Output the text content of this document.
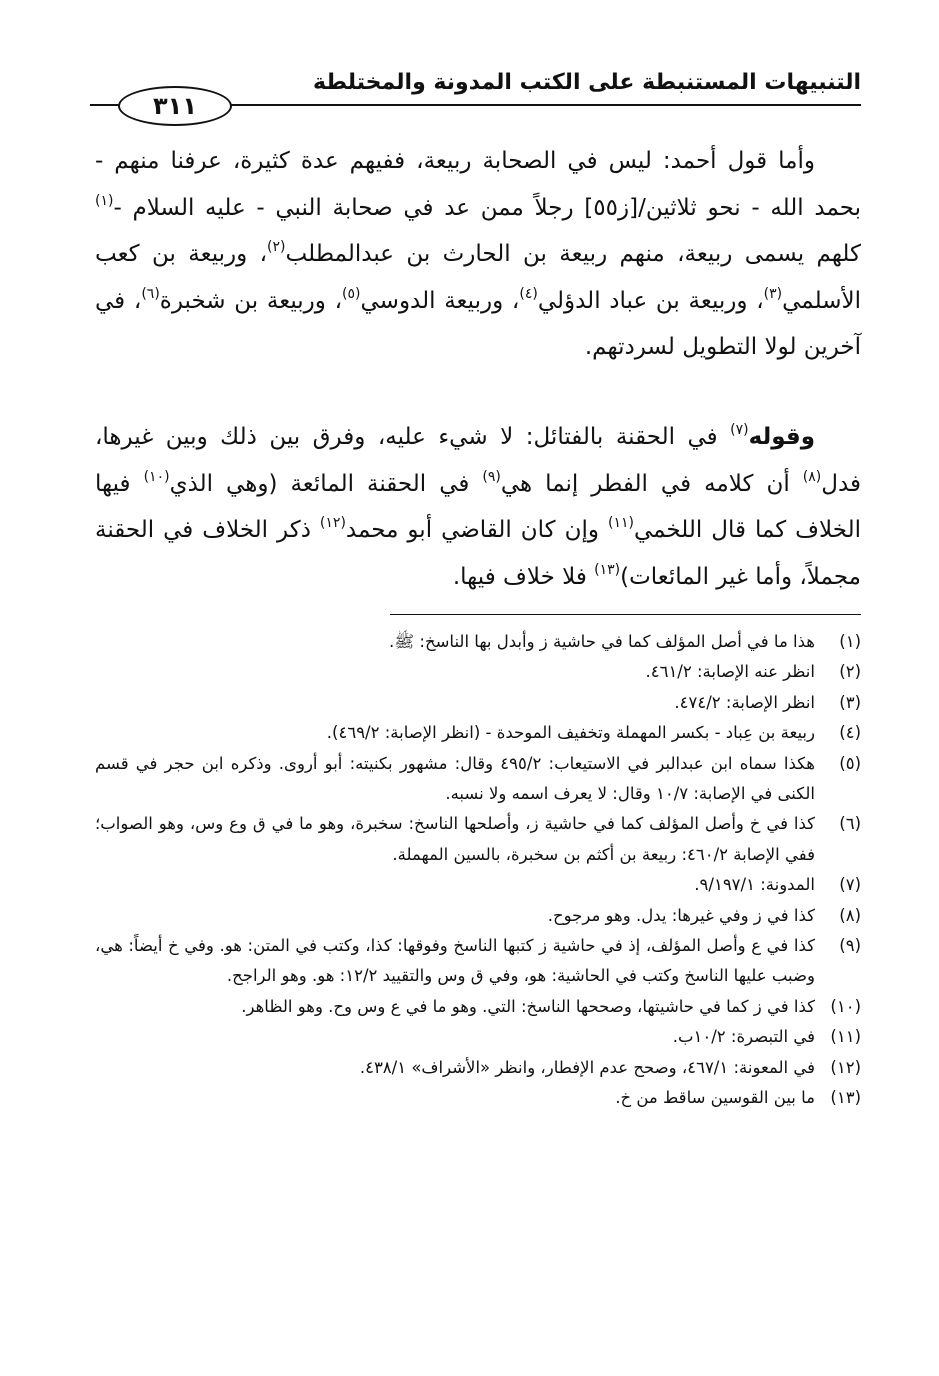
التنبيهات المستنبطة على الكتب المدونة والمختلطة
٣١١
وأما قول أحمد: ليس في الصحابة ربيعة، ففيهم عدة كثيرة، عرفنا منهم - بحمد الله - نحو ثلاثين/[ز٥٥] رجلاً ممن عد في صحابة النبي - عليه السلام -$^{(١)}$ كلهم يسمى ربيعة، منهم ربيعة بن الحارث بن عبدالمطلب$^{(٢)}$، وربيعة بن كعب الأسلمي$^{(٣)}$، وربيعة بن عباد الدؤلي$^{(٤)}$، وربيعة الدوسي$^{(٥)}$، وربيعة بن شخبرة$^{(٦)}$، في آخرين لولا التطويل لسردتهم.
وقوله$^{(٧)}$ في الحقنة بالفتائل: لا شيء عليه، وفرق بين ذلك وبين غيرها، فدل$^{(٨)}$ أن كلامه في الفطر إنما هي$^{(٩)}$ في الحقنة المائعة (وهي الذي$^{(١٠)}$ فيها الخلاف كما قال اللخمي$^{(١١)}$ وإن كان القاضي أبو محمد$^{(١٢)}$ ذكر الخلاف في الحقنة مجملاً، وأما غير المائعات)$^{(١٣)}$ فلا خلاف فيها.
(١)
هذا ما في أصل المؤلف كما في حاشية ز وأبدل بها الناسخ: ﷺ.
(٢)
انظر عنه الإصابة: ٤٦١/٢.
(٣)
انظر الإصابة: ٤٧٤/٢.
(٤)
ربيعة بن عِباد - بكسر المهملة وتخفيف الموحدة - (انظر الإصابة: ٤٦٩/٢).
(٥)
هكذا سماه ابن عبدالبر في الاستيعاب: ٤٩٥/٢ وقال: مشهور بكنيته: أبو أروى. وذكره ابن حجر في قسم الكنى في الإصابة: ١٠/٧ وقال: لا يعرف اسمه ولا نسبه.
(٦)
كذا في خ وأصل المؤلف كما في حاشية ز، وأصلحها الناسخ: سخبرة، وهو ما في ق وع وس، وهو الصواب؛ ففي الإصابة ٤٦٠/٢: ربيعة بن أكثم بن سخبرة، بالسين المهملة.
(٧)
المدونة: ٩/١٩٧/١.
(٨)
كذا في ز وفي غيرها: يدل. وهو مرجوح.
(٩)
كذا في ع وأصل المؤلف، إذ في حاشية ز كتبها الناسخ وفوقها: كذا، وكتب في المتن: هو. وفي خ أيضاً: هي، وضبب عليها الناسخ وكتب في الحاشية: هو، وفي ق وس والتقييد ١٢/٢: هو. وهو الراجح.
(١٠)
كذا في ز كما في حاشيتها، وصححها الناسخ: التي. وهو ما في ع وس وح. وهو الظاهر.
(١١)
في التبصرة: ١٠/٢ب.
(١٢)
في المعونة: ٤٦٧/١، وصحح عدم الإفطار، وانظر «الأشراف» ٤٣٨/١.
(١٣)
ما بين القوسين ساقط من خ.
